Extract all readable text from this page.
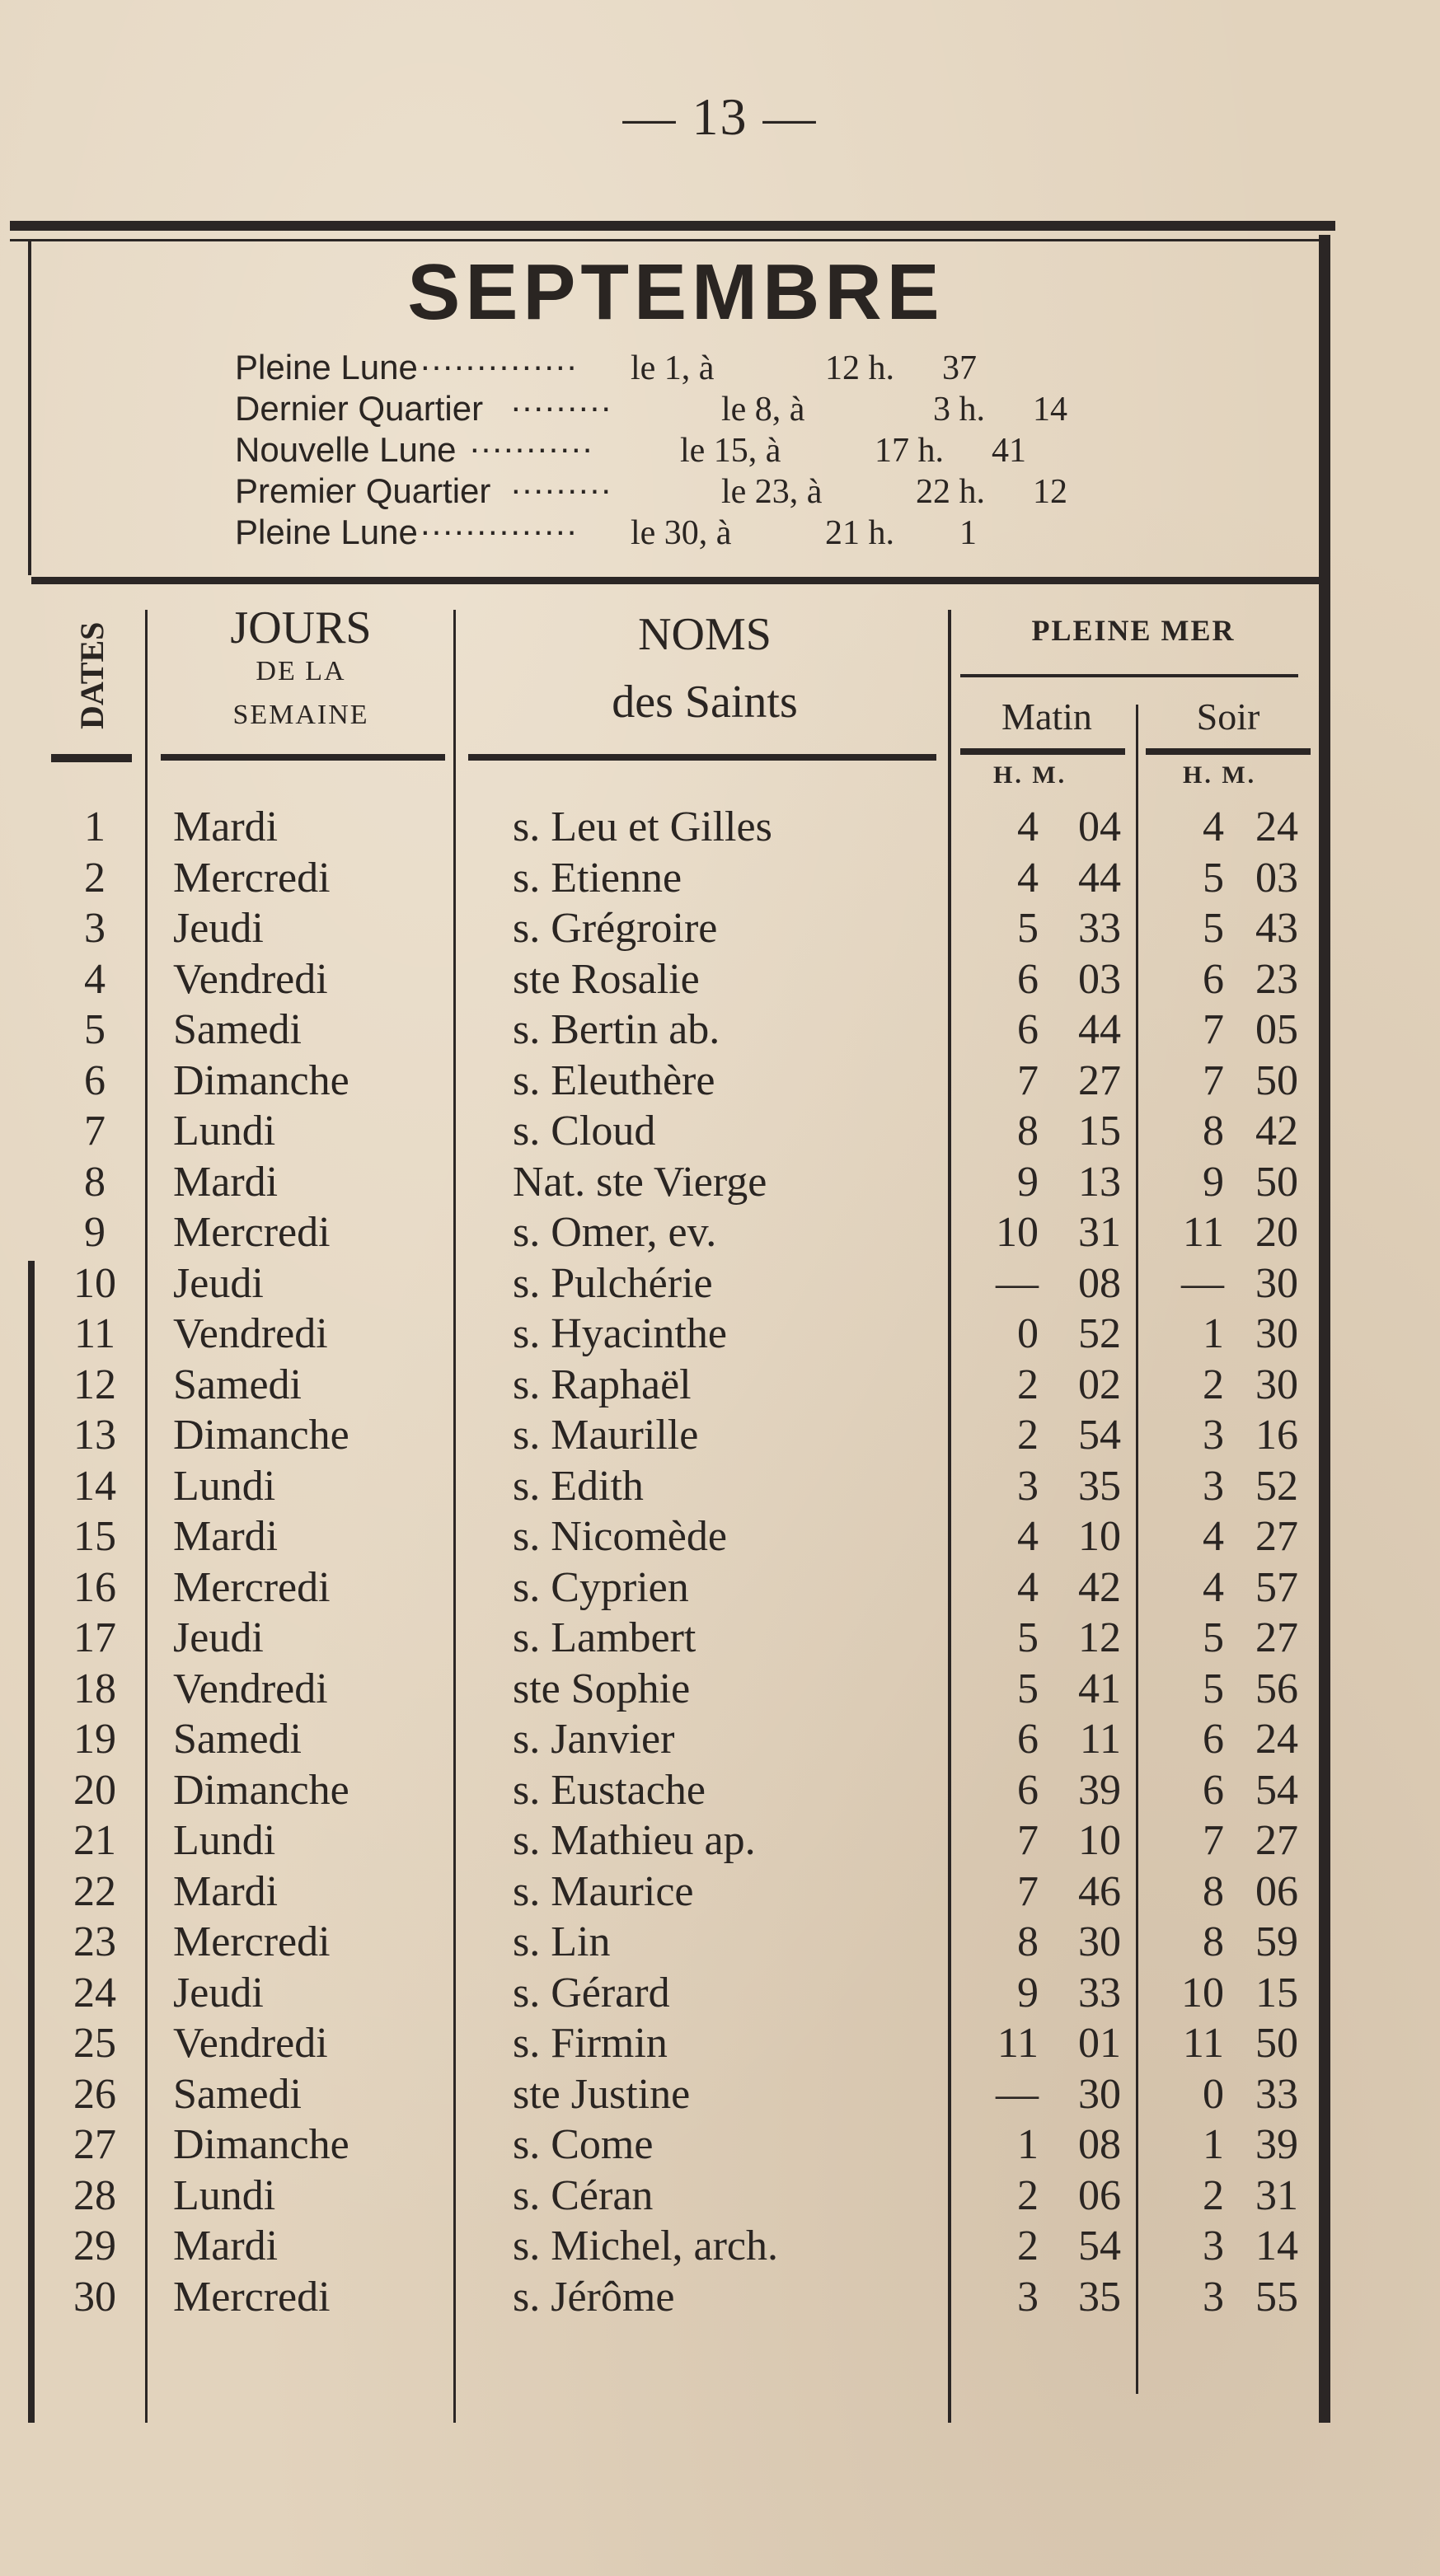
— 13 —
SEPTEMBRE
Pleine Lune.............. le 1, à	12 h. 37
Dernier Quartier .........	le 8, à	3 h. 14
Nouvelle Lune ........... le 15, à	17 h. 41
Premier Quartier .........	le 23, à	22 h. 12
Pleine Lune.............. le 30, à	21 h. 1
DATES	JOURS
DE LA
SEMAINE
NOMS
des Saints
PLEINE MER
Matin	Soir
H. M.	H. M.
1	Mardi	s. Leu et Gilles	4 04	4 24
2	Mercredi	s. Etienne	4 44	5 03
3	Jeudi	s. Grégroire	5 33	5 43
4	Vendredi	ste Rosalie	6 03	6 23
5	Samedi	s. Bertin ab.	6 44	7 05
6	Dimanche	s. Eleuthère	7 27	7 50
7	Lundi	s. Cloud	8 15	8 42
8	Mardi	Nat. ste Vierge	9 13	9 50
9	Mercredi	s. Omer, ev.	10 31	11 20
10	Jeudi	s. Pulchérie	— 08	— 30
11	Vendredi	s. Hyacinthe	0 52	1 30
12	Samedi	s. Raphaël	2 02	2 30
13	Dimanche	s. Maurille	2 54	3 16
14	Lundi	s. Edith	3 35	3 52
15	Mardi	s. Nicomède	4 10	4 27
16	Mercredi	s. Cyprien	4 42	4 57
17	Jeudi	s. Lambert	5 12	5 27
18	Vendredi	ste Sophie	5 41	5 56
19	Samedi	s. Janvier	6 11	6 24
20	Dimanche	s. Eustache	6 39	6 54
21	Lundi	s. Mathieu ap.	7 10	7 27
22	Mardi	s. Maurice	7 46	8 06
23	Mercredi	s. Lin	8 30	8 59
24	Jeudi	s. Gérard	9 33	10 15
25	Vendredi	s. Firmin	11 01	11 50
26	Samedi	ste Justine	— 30	0 33
27	Dimanche	s. Come	1 08	1 39
28	Lundi	s. Céran	2 06	2 31
29	Mardi	s. Michel, arch.	2 54	3 14
30	Mercredi	s. Jérôme	3 35	3 55
